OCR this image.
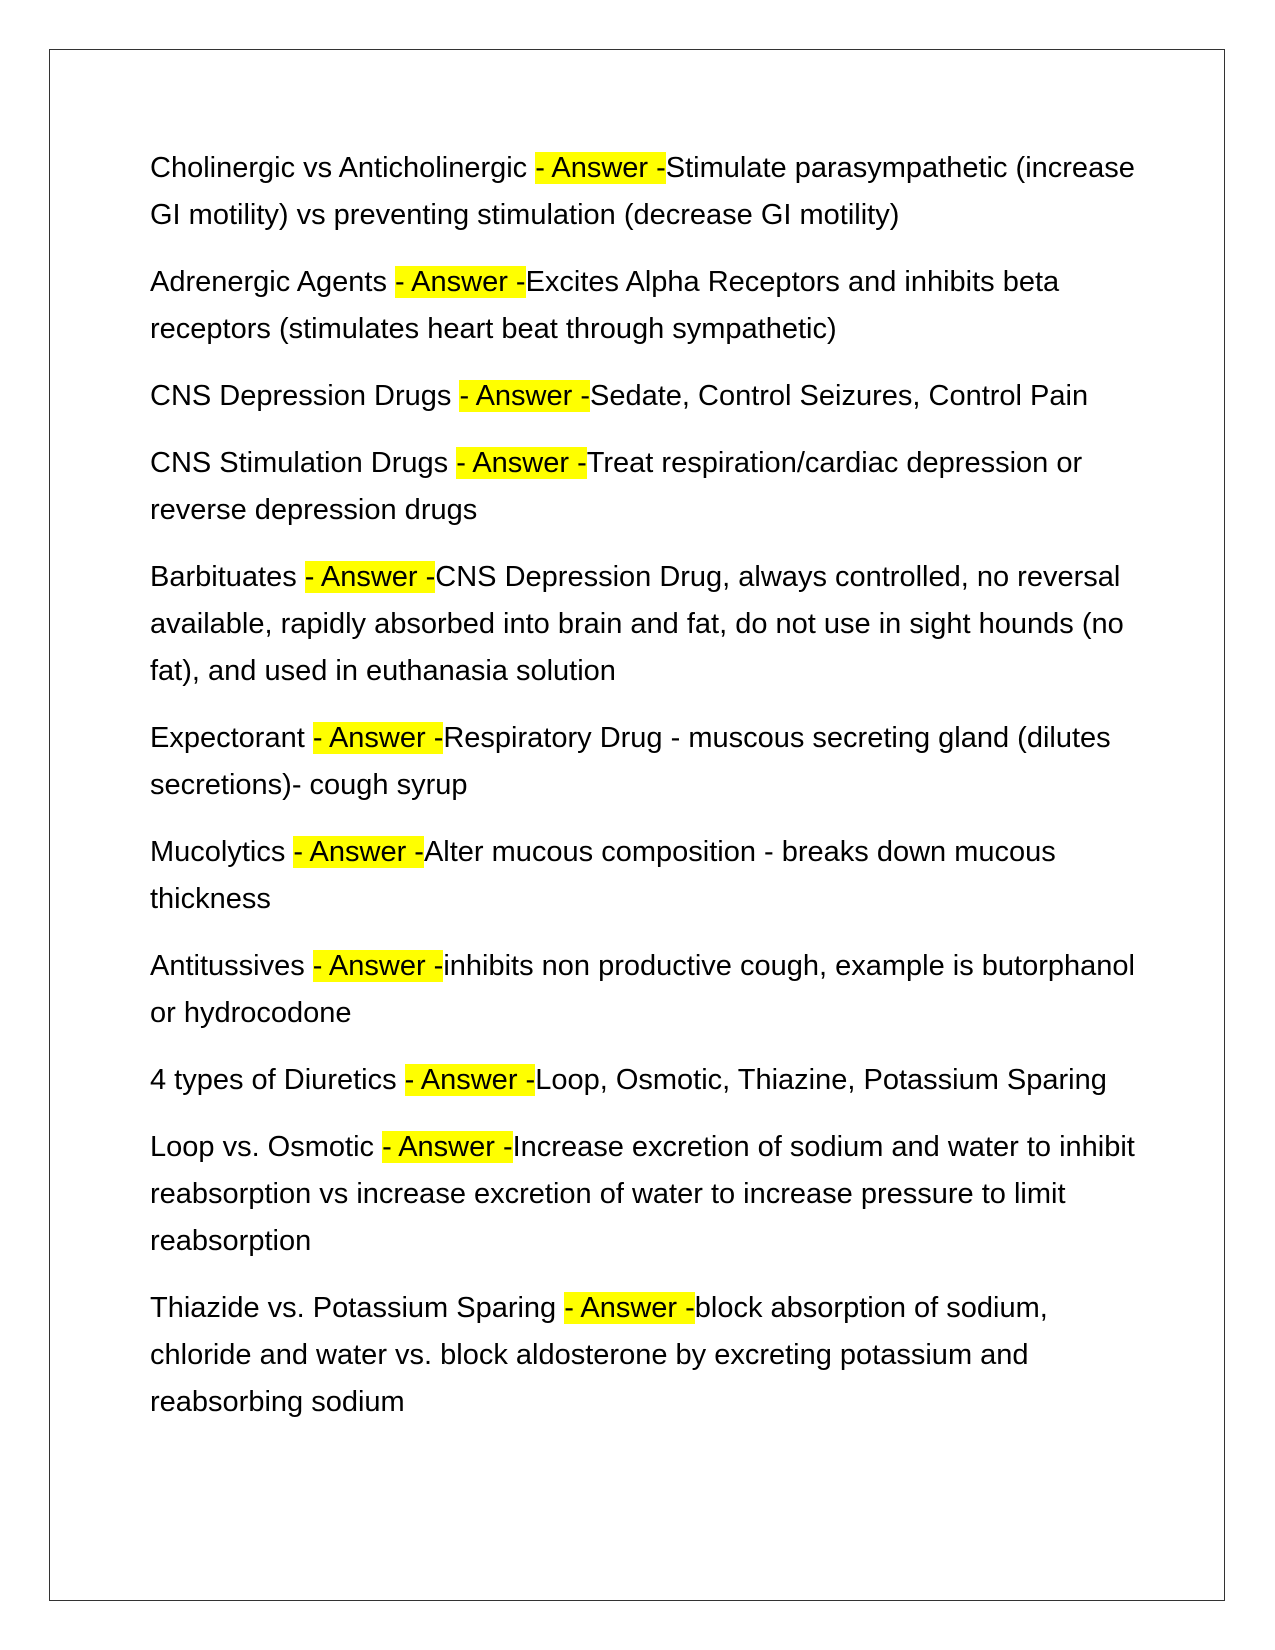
Cholinergic vs Anticholinergic - Answer -Stimulate parasympathetic (increase GI motility) vs preventing stimulation (decrease GI motility)

Adrenergic Agents - Answer -Excites Alpha Receptors and inhibits beta receptors (stimulates heart beat through sympathetic)

CNS Depression Drugs - Answer -Sedate, Control Seizures, Control Pain

CNS Stimulation Drugs - Answer -Treat respiration/cardiac depression or reverse depression drugs

Barbituates - Answer -CNS Depression Drug, always controlled, no reversal available, rapidly absorbed into brain and fat, do not use in sight hounds (no fat), and used in euthanasia solution

Expectorant - Answer -Respiratory Drug - muscous secreting gland (dilutes secretions)- cough syrup

Mucolytics - Answer -Alter mucous composition - breaks down mucous thickness

Antitussives - Answer -inhibits non productive cough, example is butorphanol or hydrocodone

4 types of Diuretics - Answer -Loop, Osmotic, Thiazine, Potassium Sparing

Loop vs. Osmotic - Answer -Increase excretion of sodium and water to inhibit reabsorption vs increase excretion of water to increase pressure to limit reabsorption

Thiazide vs. Potassium Sparing - Answer -block absorption of sodium, chloride and water vs. block aldosterone by excreting potassium and reabsorbing sodium
